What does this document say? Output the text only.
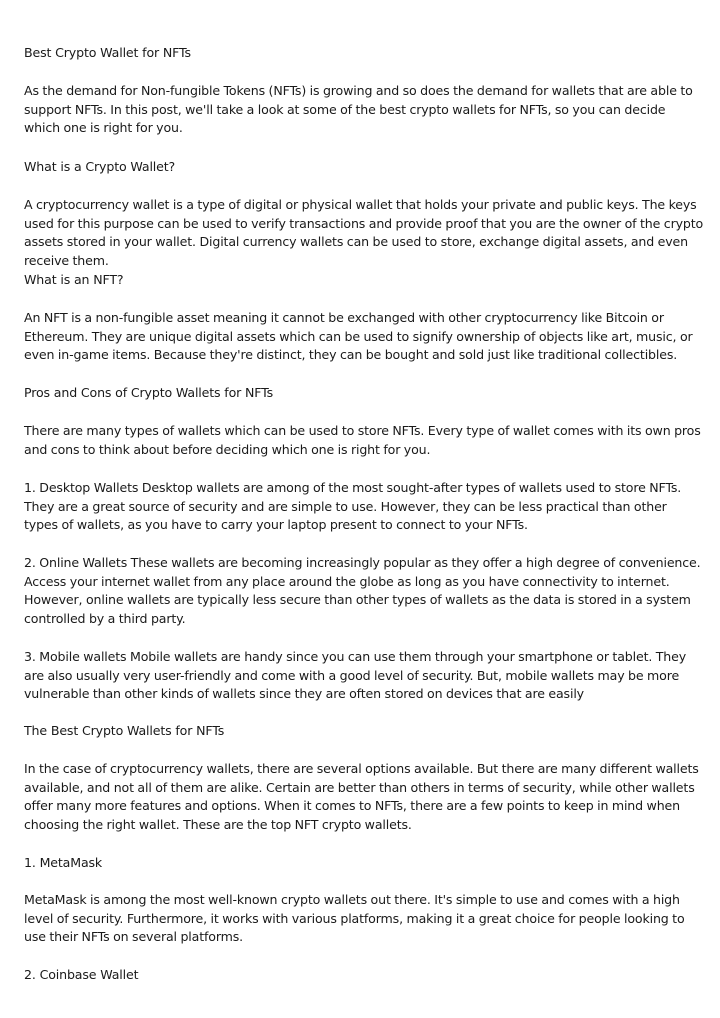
Best Crypto Wallet for NFTs

As the demand for Non-fungible Tokens (NFTs) is growing and so does the demand for wallets that are able to support NFTs. In this post, we'll take a look at some of the best crypto wallets for NFTs, so you can decide which one is right for you.

What is a Crypto Wallet?

A cryptocurrency wallet is a type of digital or physical wallet that holds your private and public keys. The keys used for this purpose can be used to verify transactions and provide proof that you are the owner of the crypto assets stored in your wallet. Digital currency wallets can be used to store, exchange digital assets, and even receive them.

What is an NFT?

An NFT is a non-fungible asset meaning it cannot be exchanged with other cryptocurrency like Bitcoin or Ethereum. They are unique digital assets which can be used to signify ownership of objects like art, music, or even in-game items. Because they're distinct, they can be bought and sold just like traditional collectibles.

Pros and Cons of Crypto Wallets for NFTs

There are many types of wallets which can be used to store NFTs. Every type of wallet comes with its own pros and cons to think about before deciding which one is right for you.

1. Desktop Wallets Desktop wallets are among of the most sought-after types of wallets used to store NFTs. They are a great source of security and are simple to use. However, they can be less practical than other types of wallets, as you have to carry your laptop present to connect to your NFTs.

2. Online Wallets These wallets are becoming increasingly popular as they offer a high degree of convenience. Access your internet wallet from any place around the globe as long as you have connectivity to internet. However, online wallets are typically less secure than other types of wallets as the data is stored in a system controlled by a third party.

3. Mobile wallets Mobile wallets are handy since you can use them through your smartphone or tablet. They are also usually very user-friendly and come with a good level of security. But, mobile wallets may be more vulnerable than other kinds of wallets since they are often stored on devices that are easily

The Best Crypto Wallets for NFTs

In the case of cryptocurrency wallets, there are several options available. But there are many different wallets available, and not all of them are alike. Certain are better than others in terms of security, while other wallets offer many more features and options. When it comes to NFTs, there are a few points to keep in mind when choosing the right wallet. These are the top NFT crypto wallets.

1. MetaMask

MetaMask is among the most well-known crypto wallets out there. It's simple to use and comes with a high level of security. Furthermore, it works with various platforms, making it a great choice for people looking to use their NFTs on several platforms.

2. Coinbase Wallet
